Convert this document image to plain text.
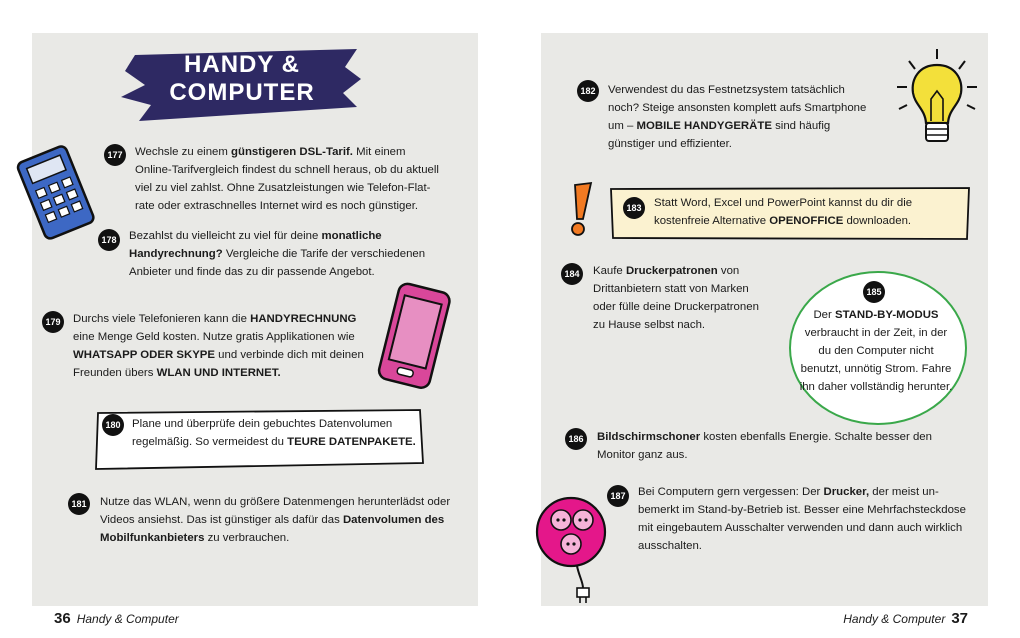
HANDY &
COMPUTER
177	Wechsle zu einem günstigeren DSL-Tarif. Mit einem Online-Tarifvergleich findest du schnell heraus, ob du aktuell viel zu viel zahlst. Ohne Zusatzleistungen wie Telefon-Flat-rate oder extraschnelles Internet wird es noch günstiger.
178	Bezahlst du vielleicht zu viel für deine monatliche Handyrechnung? Vergleiche die Tarife der verschiedenen Anbieter und finde das zu dir passende Angebot.
179	Durchs viele Telefonieren kann die HANDYRECHNUNG eine Menge Geld kosten. Nutze gratis Applikationen wie WHATSAPP ODER SKYPE und verbinde dich mit deinen Freunden übers WLAN UND INTERNET.
180	Plane und überprüfe dein gebuchtes Datenvolumen regelmäßig. So vermeidest du TEURE DATENPAKETE.
181	Nutze das WLAN, wenn du größere Datenmengen herunterlädst oder Videos ansiehst. Das ist günstiger als dafür das Datenvolumen des Mobilfunkanbieters zu verbrauchen.
36 Handy & Computer
182	Verwendest du das Festnetzsystem tatsächlich noch? Steige ansonsten komplett aufs Smartphone um – MOBILE HANDYGERÄTE sind häufig günstiger und effizienter.
183	Statt Word, Excel und PowerPoint kannst du dir die kostenfreie Alternative OPENOFFICE downloaden.
184	Kaufe Druckerpatronen von Drittanbietern statt von Marken oder fülle deine Druckerpatronen zu Hause selbst nach.
185
Der STAND-BY-MODUS verbraucht in der Zeit, in der du den Computer nicht benutzt, unnötig Strom. Fahre ihn daher vollständig herunter.
186	Bildschirmschoner kosten ebenfalls Energie. Schalte besser den Monitor ganz aus.
187	Bei Computern gern vergessen: Der Drucker, der meist un-bemerkt im Stand-by-Betrieb ist. Besser eine Mehrfachsteckdose mit eingebautem Ausschalter verwenden und dann auch wirklich ausschalten.
Handy & Computer 37
